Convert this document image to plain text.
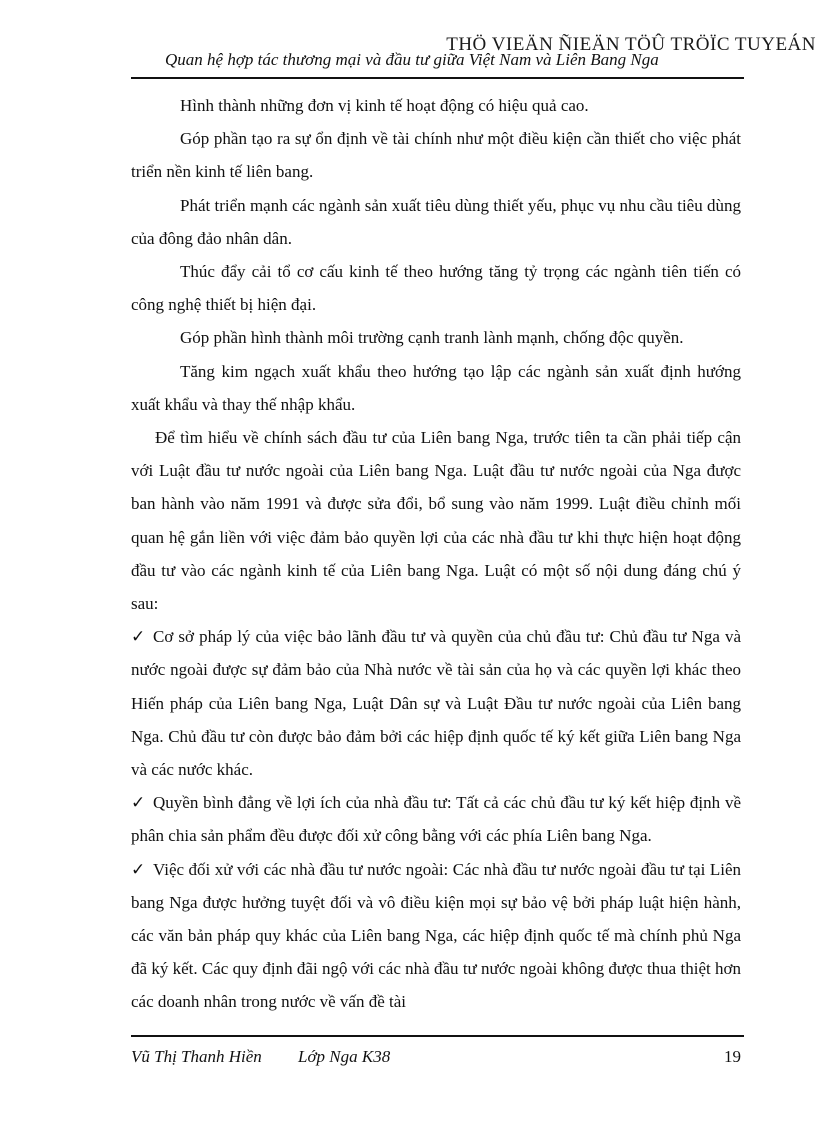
THÖ VIEÄN ÑIEÄN TÖÛ TRÖÏC TUYEÁN
Quan hệ hợp tác thương mại và đầu tư giữa Việt Nam và Liên Bang Nga

Hình thành những đơn vị kinh tế hoạt động có hiệu quả cao.

Góp phần tạo ra sự ổn định về tài chính như một điều kiện cần thiết cho việc phát triển nền kinh tế liên bang.

Phát triển mạnh các ngành sản xuất tiêu dùng thiết yếu, phục vụ nhu cầu tiêu dùng của đông đảo nhân dân.

Thúc đẩy cải tổ cơ cấu kinh tế theo hướng tăng tỷ trọng các ngành tiên tiến có công nghệ thiết bị hiện đại.

Góp phần hình thành môi trường cạnh tranh lành mạnh, chống độc quyền.

Tăng kim ngạch xuất khẩu theo hướng tạo lập các ngành sản xuất định hướng xuất khẩu và thay thế nhập khẩu.

Để tìm hiểu về chính sách đầu tư của Liên bang Nga, trước tiên ta cần phải tiếp cận với Luật đầu tư nước ngoài của Liên bang Nga. Luật đầu tư nước ngoài của Nga được ban hành vào năm 1991 và được sửa đổi, bổ sung vào năm 1999. Luật điều chỉnh mối quan hệ gắn liền với việc đảm bảo quyền lợi của các nhà đầu tư khi thực hiện hoạt động đầu tư vào các ngành kinh tế của Liên bang Nga. Luật có một số nội dung đáng chú ý sau:

✓ Cơ sở pháp lý của việc bảo lãnh đầu tư và quyền của chủ đầu tư: Chủ đầu tư Nga và nước ngoài được sự đảm bảo của Nhà nước về tài sản của họ và các quyền lợi khác theo Hiến pháp của Liên bang Nga, Luật Dân sự và Luật Đầu tư nước ngoài của Liên bang Nga. Chủ đầu tư còn được bảo đảm bởi các hiệp định quốc tế ký kết giữa Liên bang Nga và các nước khác.

✓ Quyền bình đẳng về lợi ích của nhà đầu tư: Tất cả các chủ đầu tư ký kết hiệp định về phân chia sản phẩm đều được đối xử công bằng với các phía Liên bang Nga.

✓ Việc đối xử với các nhà đầu tư nước ngoài: Các nhà đầu tư nước ngoài đầu tư tại Liên bang Nga được hưởng tuyệt đối và vô điều kiện mọi sự bảo vệ bởi pháp luật hiện hành, các văn bản pháp quy khác của Liên bang Nga, các hiệp định quốc tế mà chính phủ Nga đã ký kết. Các quy định đãi ngộ với các nhà đầu tư nước ngoài không được thua thiệt hơn các doanh nhân trong nước về vấn đề tài

Vũ Thị Thanh Hiền Lớp Nga K38	19
